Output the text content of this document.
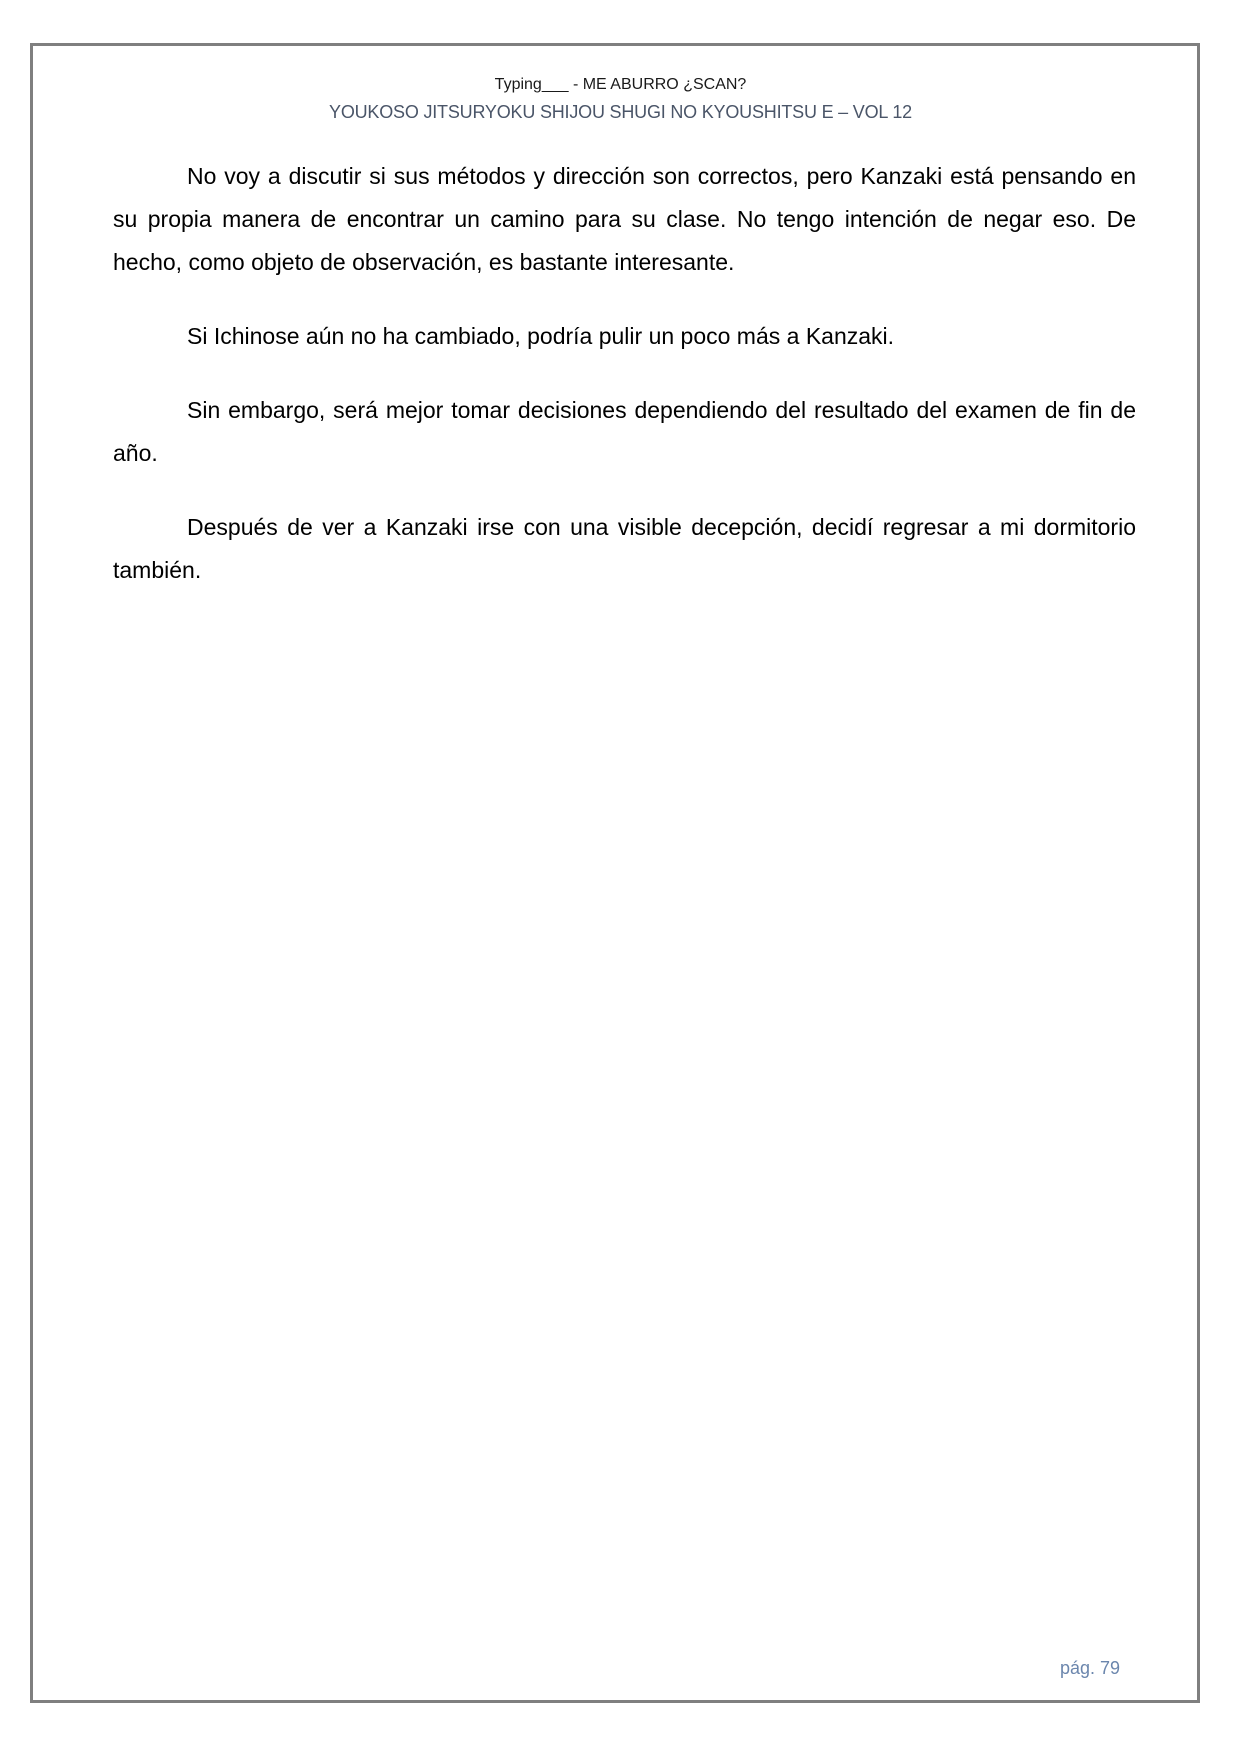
Typing___ - ME ABURRO ¿SCAN?
YOUKOSO JITSURYOKU SHIJOU SHUGI NO KYOUSHITSU E – VOL 12

No voy a discutir si sus métodos y dirección son correctos, pero Kanzaki está pensando en su propia manera de encontrar un camino para su clase. No tengo intención de negar eso. De hecho, como objeto de observación, es bastante interesante.

Si Ichinose aún no ha cambiado, podría pulir un poco más a Kanzaki.

Sin embargo, será mejor tomar decisiones dependiendo del resultado del examen de fin de año.

Después de ver a Kanzaki irse con una visible decepción, decidí regresar a mi dormitorio también.

pág. 79
